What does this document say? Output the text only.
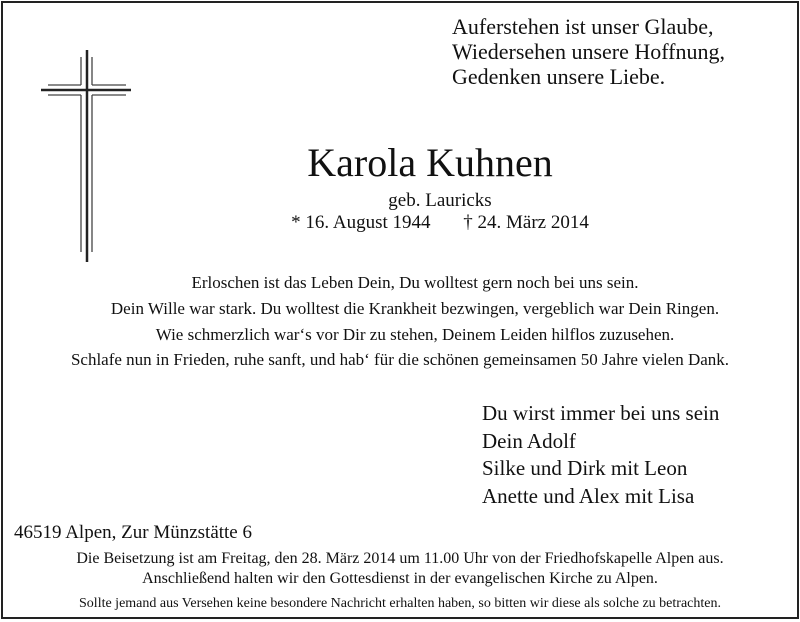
Auferstehen ist unser Glaube,
Wiedersehen unsere Hoffnung,
Gedenken unsere Liebe.
Karola Kuhnen
geb. Lauricks
* 16. August 1944 † 24. März 2014
Erloschen ist das Leben Dein, Du wolltest gern noch bei uns sein.
Dein Wille war stark. Du wolltest die Krankheit bezwingen, vergeblich war Dein Ringen.
Wie schmerzlich war‘s vor Dir zu stehen, Deinem Leiden hilflos zuzusehen.
Schlafe nun in Frieden, ruhe sanft, und hab‘ für die schönen gemeinsamen 50 Jahre vielen Dank.
Du wirst immer bei uns sein
Dein Adolf
Silke und Dirk mit Leon
Anette und Alex mit Lisa
46519 Alpen, Zur Münzstätte 6
Die Beisetzung ist am Freitag, den 28. März 2014 um 11.00 Uhr von der Friedhofskapelle Alpen aus.
Anschließend halten wir den Gottesdienst in der evangelischen Kirche zu Alpen.
Sollte jemand aus Versehen keine besondere Nachricht erhalten haben, so bitten wir diese als solche zu betrachten.
